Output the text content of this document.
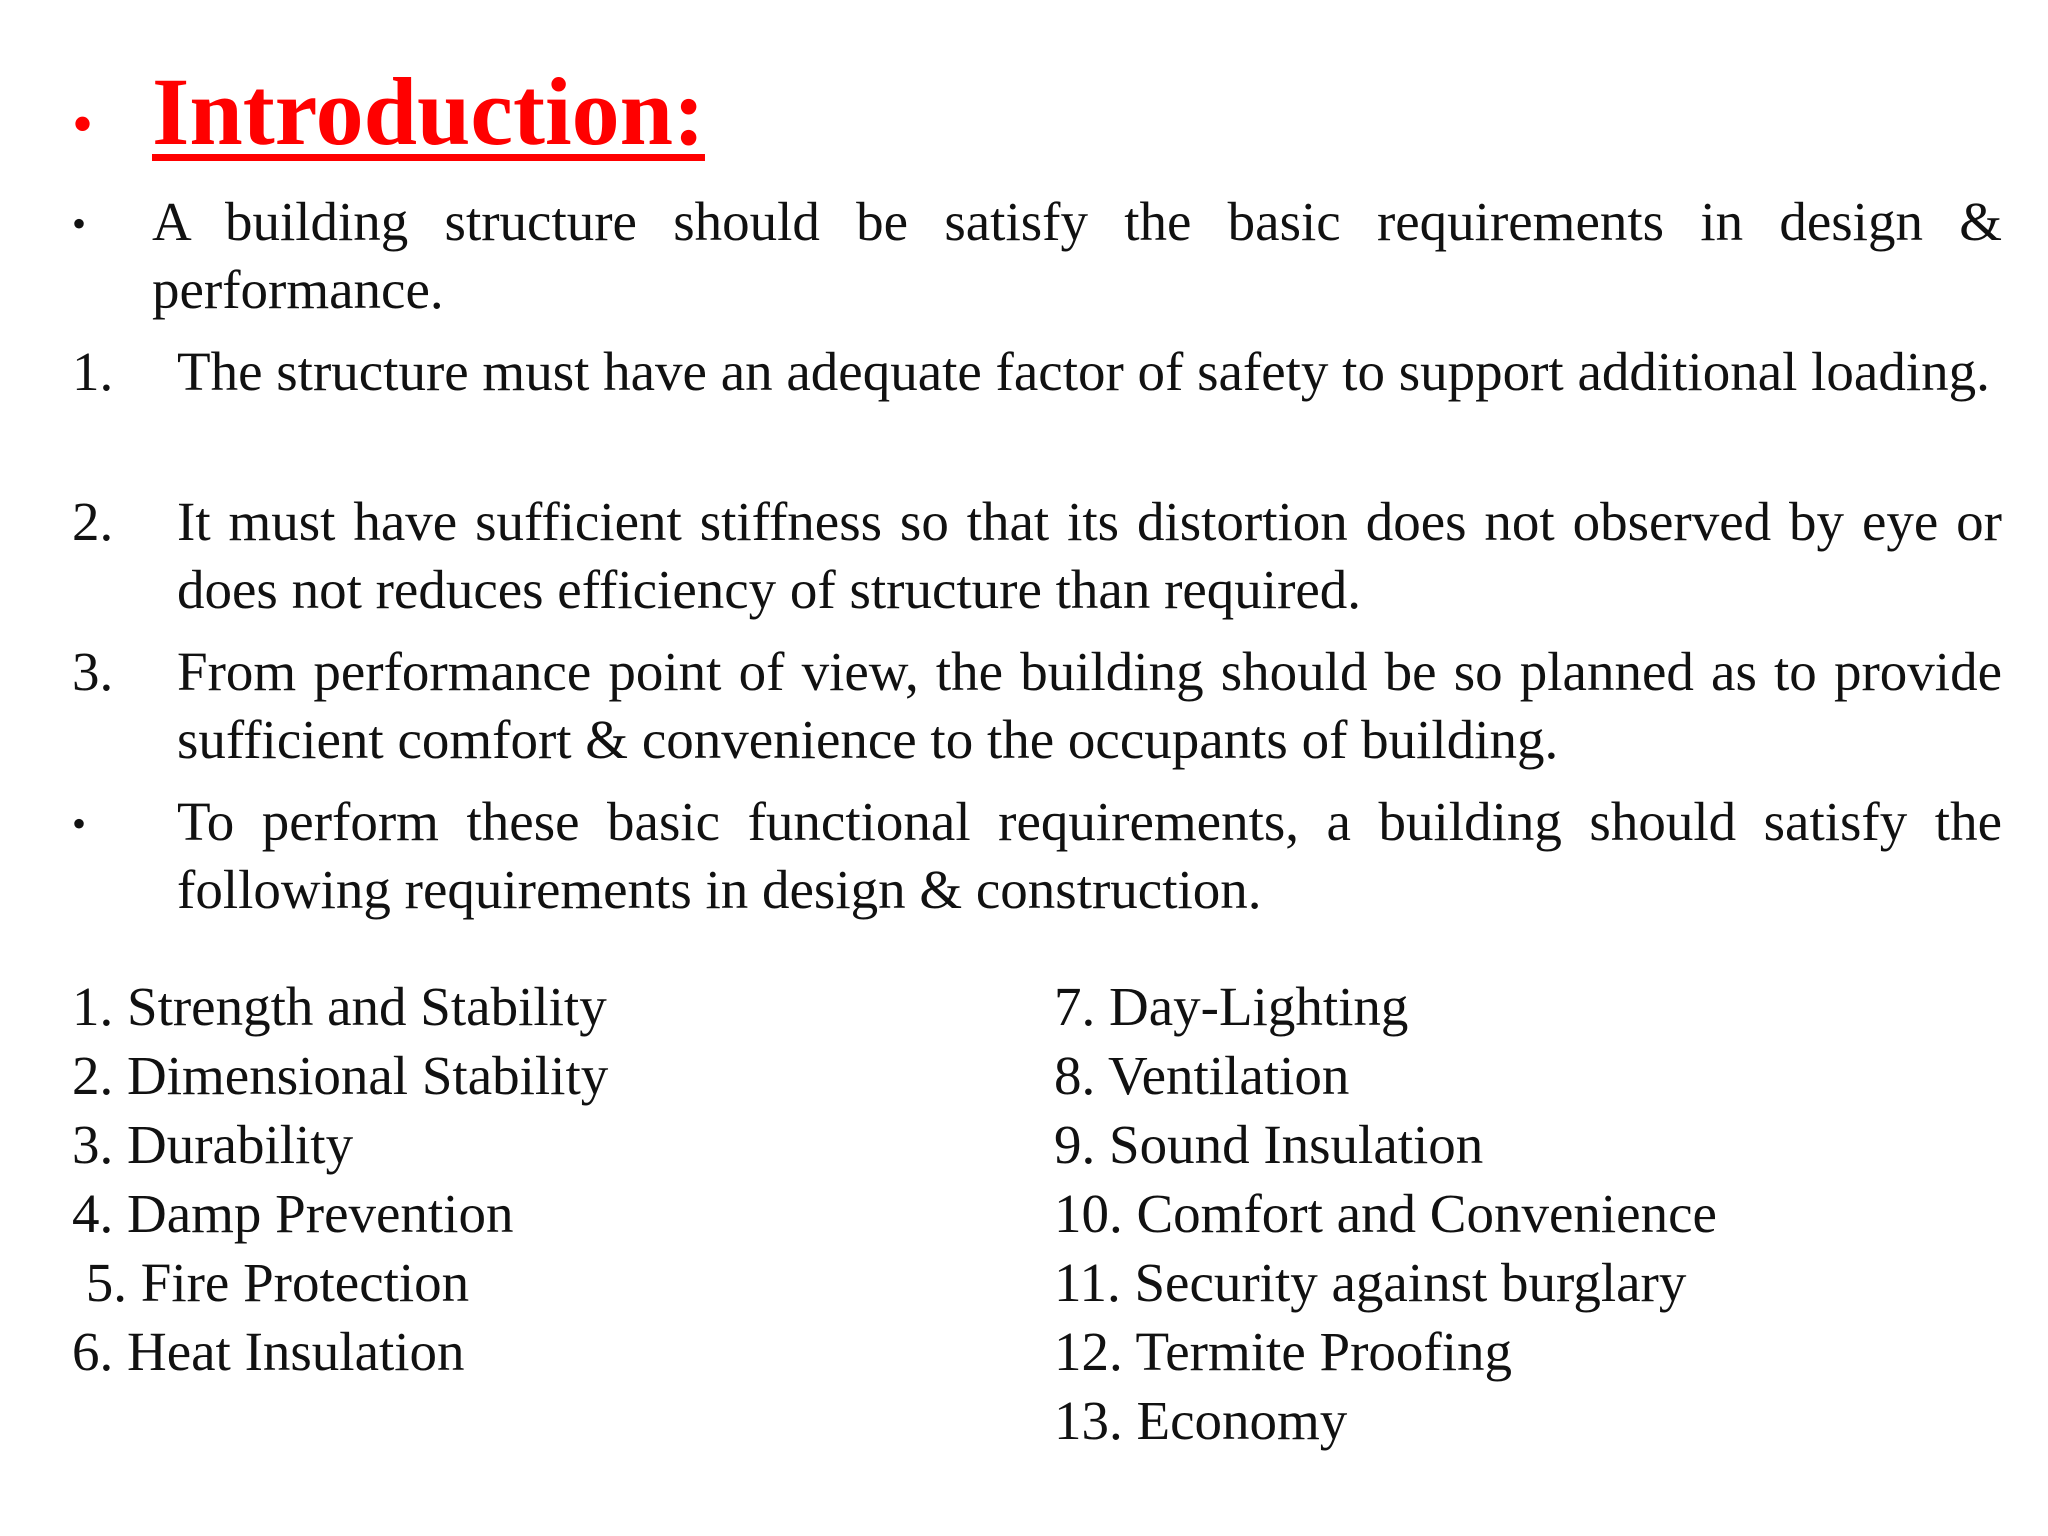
• Introduction:
•	A building structure should be satisfy the basic requirements in design & performance.
1.	The structure must have an adequate factor of safety to support additional loading.
2.	It must have sufficient stiffness so that its distortion does not observed by eye or does not reduces efficiency of structure than required.
3.	From performance point of view, the building should be so planned as to provide sufficient comfort & convenience to the occupants of building.
•	To perform these basic functional requirements, a building should satisfy the following requirements in design & construction.
1. Strength and Stability
2. Dimensional Stability
3. Durability
4. Damp Prevention
5. Fire Protection
6. Heat Insulation
7. Day-Lighting
8. Ventilation
9. Sound Insulation
10. Comfort and Convenience
11. Security against burglary
12. Termite Proofing
13. Economy
